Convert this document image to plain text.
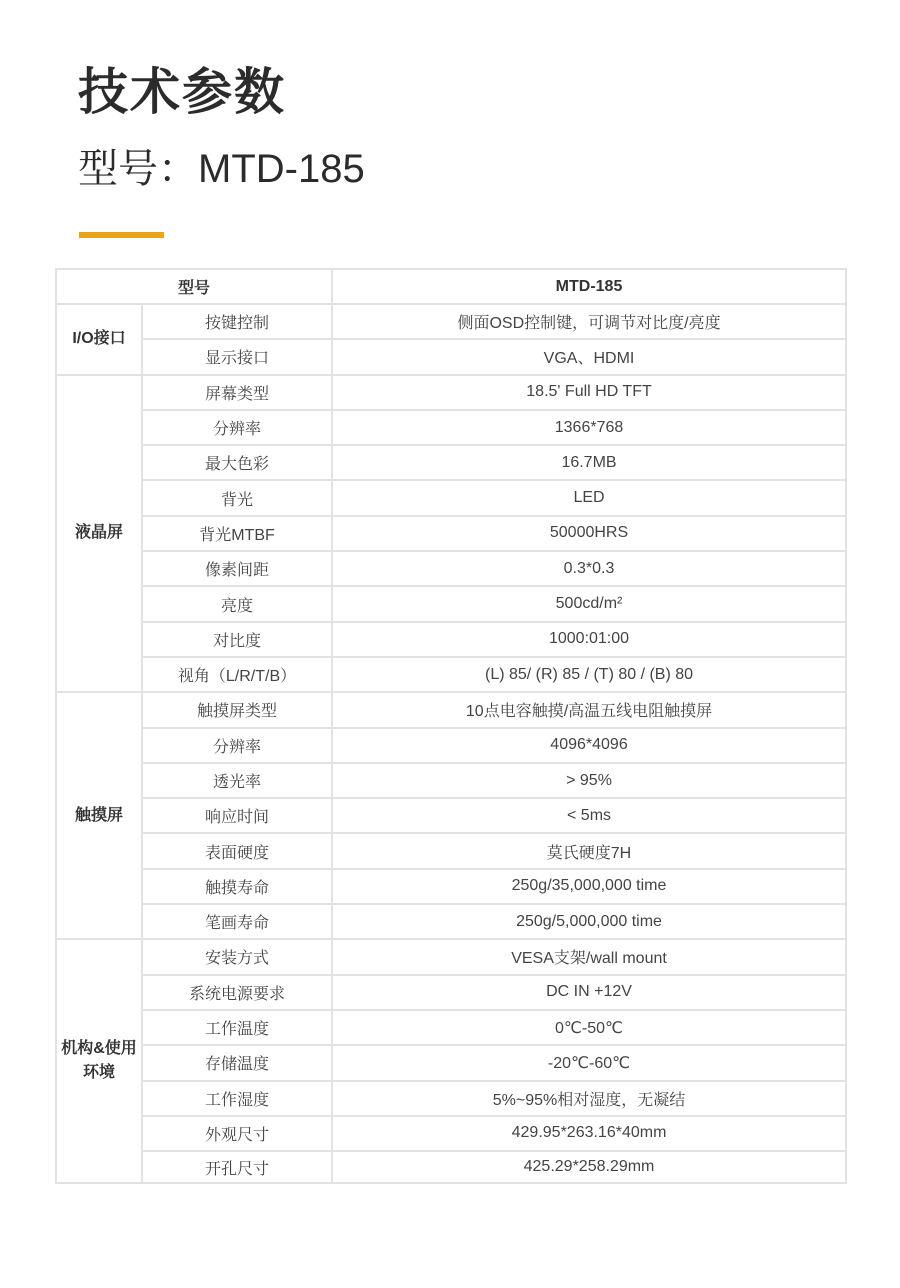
技术参数
型号：MTD-185
型号		MTD-185
I/O接口	按键控制	侧面OSD控制键，可调节对比度/亮度
	显示接口	VGA、HDMI
液晶屏	屏幕类型	18.5' Full HD TFT
	分辨率	1366*768
	最大色彩	16.7MB
	背光	LED
	背光MTBF	50000HRS
	像素间距	0.3*0.3
	亮度	500cd/m²
	对比度	1000:01:00
	视角（L/R/T/B）	(L) 85/ (R) 85 / (T) 80 / (B) 80
触摸屏	触摸屏类型	10点电容触摸/高温五线电阻触摸屏
	分辨率	4096*4096
	透光率	> 95%
	响应时间	< 5ms
	表面硬度	莫氏硬度7H
	触摸寿命	250g/35,000,000 time
	笔画寿命	250g/5,000,000 time
机构&使用环境	安装方式	VESA支架/wall mount
	系统电源要求	DC IN +12V
	工作温度	0℃-50℃
	存储温度	-20℃-60℃
	工作湿度	5%~95%相对湿度，无凝结
	外观尺寸	429.95*263.16*40mm
	开孔尺寸	425.29*258.29mm
